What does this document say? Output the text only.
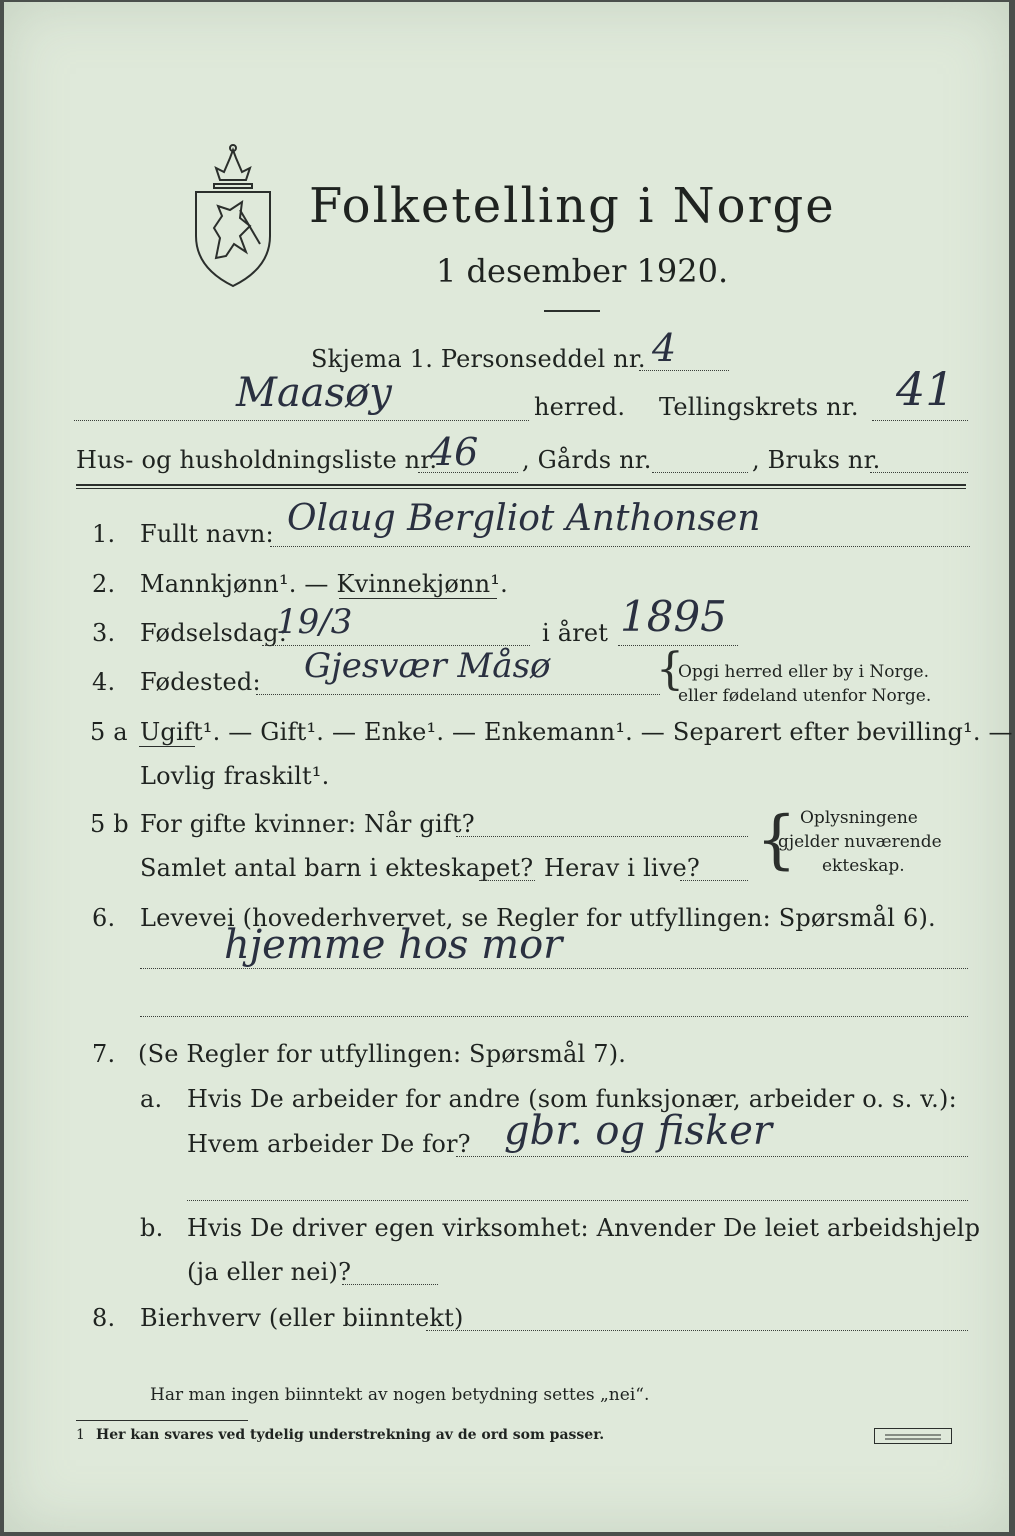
Folketelling i Norge
1 desember 1920.
Skjema 1. Personseddel nr. 4
Maasøy	herred. Tellingskrets nr. 41
Hus- og husholdningsliste nr.
46 , Gårds nr.	, Bruks nr.
1. Fullt navn: Olaug Bergliot Anthonsen
2. Mannkjønn¹. — Kvinnekjønn¹.
3. Fødselsdag:
19/3	i året 1895
4. Fødested: Gjesvær Måsø {
Opgi herred eller by i Norge.
eller fødeland utenfor Norge.
5 a Ugift¹. — Gift¹. — Enke¹. — Enkemann¹. — Separert efter bevilling¹. —
Lovlig fraskilt¹.
5 b For gifte kvinner: Når gift?
Samlet antal barn i ekteskapet? Herav i live? { Oplysningene
gjelder nuværende
ekteskap.
6. Levevei (hovederhvervet, se Regler for utfyllingen: Spørsmål 6).
hjemme hos mor
7. (Se Regler for utfyllingen: Spørsmål 7).
a. Hvis De arbeider for andre (som funksjonær, arbeider o. s. v.):
Hvem arbeider De for? gbr. og fisker
b. Hvis De driver egen virksomhet: Anvender De leiet arbeidshjelp
(ja eller nei)?
8. Bierhverv (eller biinntekt)
Har man ingen biinntekt av nogen betydning settes „nei“.
1 Her kan svares ved tydelig understrekning av de ord som passer.
